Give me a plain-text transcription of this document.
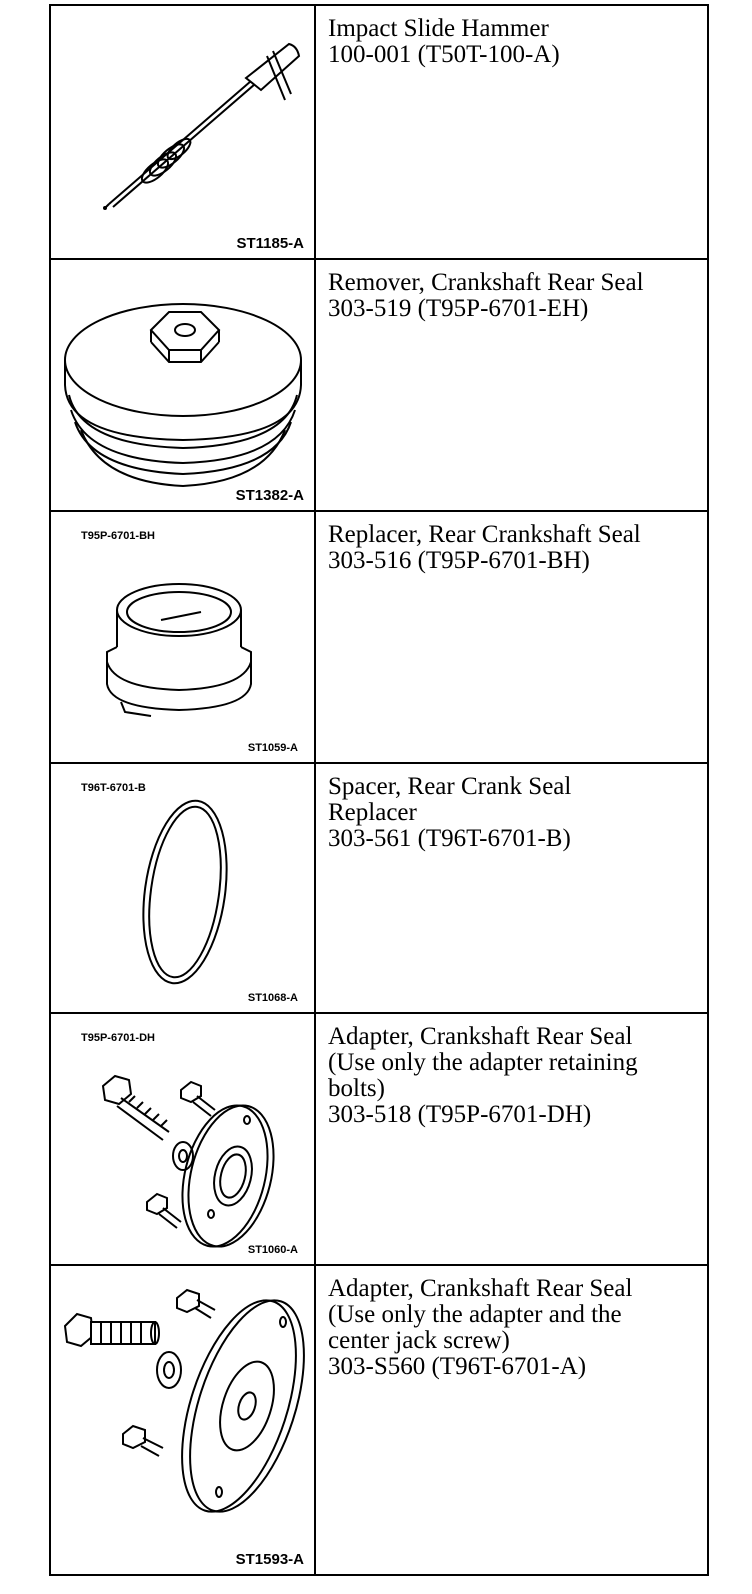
ST1185-A	Impact Slide Hammer
100-001 (T50T-100-A)

ST1382-A	Remover, Crankshaft Rear Seal
303-519 (T95P-6701-EH)

T95P-6701-BH
ST1059-A	Replacer, Rear Crankshaft Seal
303-516 (T95P-6701-BH)

T96T-6701-B
ST1068-A	Spacer, Rear Crank Seal
Replacer
303-561 (T96T-6701-B)

T95P-6701-DH
ST1060-A	Adapter, Crankshaft Rear Seal
(Use only the adapter retaining
bolts)
303-518 (T95P-6701-DH)

ST1593-A	Adapter, Crankshaft Rear Seal
(Use only the adapter and the
center jack screw)
303-S560 (T96T-6701-A)
